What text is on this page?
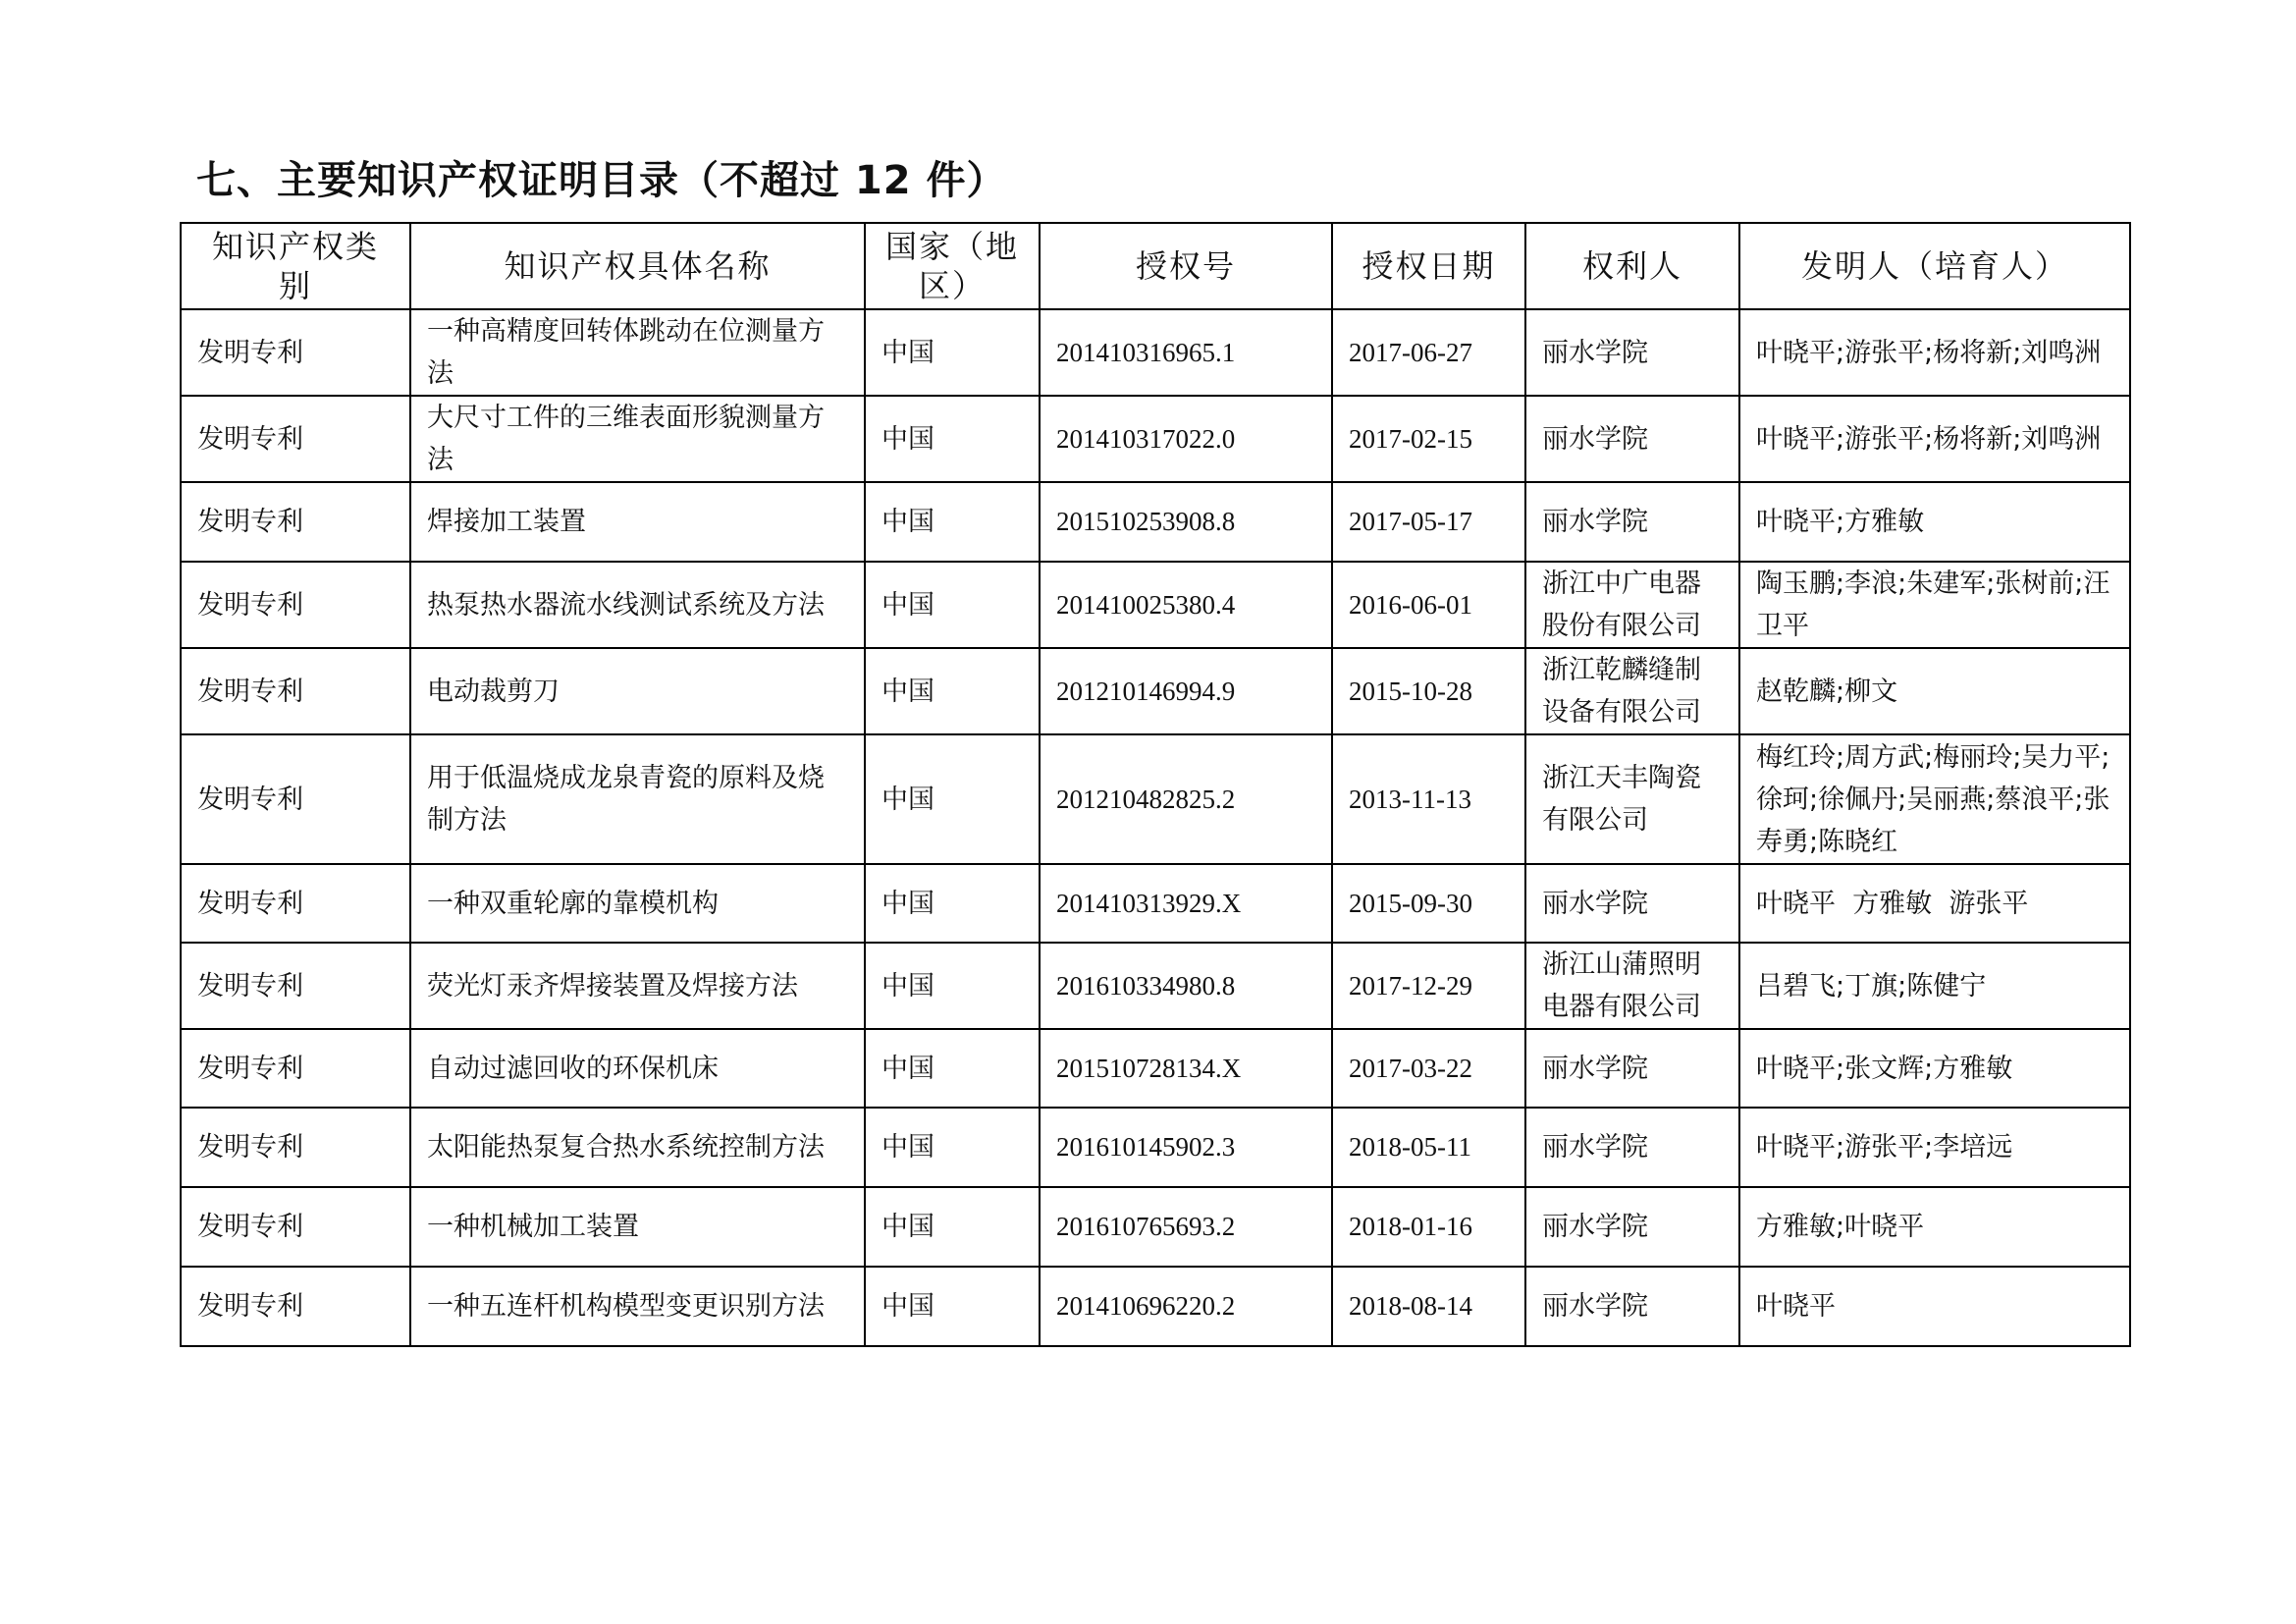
七、主要知识产权证明目录（不超过 12 件）
知识产权类别	知识产权具体名称	国家（地区）	授权号	授权日期	权利人	发明人（培育人）
发明专利	一种高精度回转体跳动在位测量方法	中国	201410316965.1	2017-06-27	丽水学院	叶晓平;游张平;杨将新;刘鸣洲
发明专利	大尺寸工件的三维表面形貌测量方法	中国	201410317022.0	2017-02-15	丽水学院	叶晓平;游张平;杨将新;刘鸣洲
发明专利	焊接加工装置	中国	201510253908.8	2017-05-17	丽水学院	叶晓平;方雅敏
发明专利	热泵热水器流水线测试系统及方法	中国	201410025380.4	2016-06-01	浙江中广电器股份有限公司	陶玉鹏;李浪;朱建军;张树前;汪卫平
发明专利	电动裁剪刀	中国	201210146994.9	2015-10-28	浙江乾麟缝制设备有限公司	赵乾麟;柳文
发明专利	用于低温烧成龙泉青瓷的原料及烧制方法	中国	201210482825.2	2013-11-13	浙江天丰陶瓷有限公司	梅红玲;周方武;梅丽玲;吴力平;徐珂;徐佩丹;吴丽燕;蔡浪平;张寿勇;陈晓红
发明专利	一种双重轮廓的靠模机构	中国	201410313929.X	2015-09-30	丽水学院	叶晓平  方雅敏  游张平
发明专利	荧光灯汞齐焊接装置及焊接方法	中国	201610334980.8	2017-12-29	浙江山蒲照明电器有限公司	吕碧飞;丁旗;陈健宁
发明专利	自动过滤回收的环保机床	中国	201510728134.X	2017-03-22	丽水学院	叶晓平;张文辉;方雅敏
发明专利	太阳能热泵复合热水系统控制方法	中国	201610145902.3	2018-05-11	丽水学院	叶晓平;游张平;李培远
发明专利	一种机械加工装置	中国	201610765693.2	2018-01-16	丽水学院	方雅敏;叶晓平
发明专利	一种五连杆机构模型变更识别方法	中国	201410696220.2	2018-08-14	丽水学院	叶晓平
